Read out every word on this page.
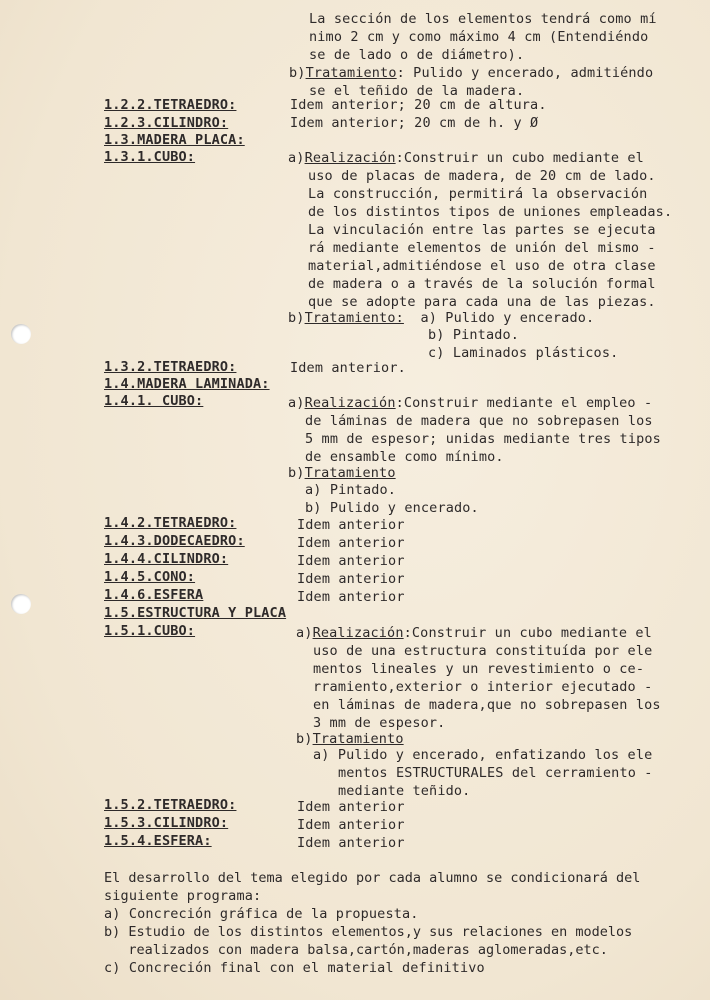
La sección de los elementos tendrá como mí
nimo 2 cm y como máximo 4 cm (Entendiéndo
se de lado o de diámetro).
b)Tratamiento: Pulido y encerado, admitiéndo
se el teñido de la madera.
1.2.2.TETRAEDRO:	Idem anterior; 20 cm de altura.
1.2.3.CILINDRO:	Idem anterior; 20 cm de h. y Ø
1.3.MADERA PLACA:
1.3.1.CUBO:	a)Realización:Construir un cubo mediante el
uso de placas de madera, de 20 cm de lado.
La construcción, permitirá la observación
de los distintos tipos de uniones empleadas.
La vinculación entre las partes se ejecuta
rá mediante elementos de unión del mismo -
material,admitiéndose el uso de otra clase
de madera o a través de la solución formal
que se adopte para cada una de las piezas.
b)Tratamiento:  a) Pulido y encerado.
b) Pintado.
c) Laminados plásticos.
1.3.2.TETRAEDRO:	Idem anterior.
1.4.MADERA LAMINADA:
1.4.1. CUBO:	a)Realización:Construir mediante el empleo -
de láminas de madera que no sobrepasen los
5 mm de espesor; unidas mediante tres tipos
de ensamble como mínimo.
b)Tratamiento
a) Pintado.
b) Pulido y encerado.
1.4.2.TETRAEDRO:	Idem anterior
1.4.3.DODECAEDRO:	Idem anterior
1.4.4.CILINDRO:	Idem anterior
1.4.5.CONO:	Idem anterior
1.4.6.ESFERA	Idem anterior
1.5.ESTRUCTURA Y PLACA
1.5.1.CUBO:	a)Realización:Construir un cubo mediante el
uso de una estructura constituída por ele
mentos lineales y un revestimiento o ce-
rramiento,exterior o interior ejecutado -
en láminas de madera,que no sobrepasen los
3 mm de espesor.
b)Tratamiento
a) Pulido y encerado, enfatizando los ele
mentos ESTRUCTURALES del cerramiento -
mediante teñido.
1.5.2.TETRAEDRO:	Idem anterior
1.5.3.CILINDRO:	Idem anterior
1.5.4.ESFERA:	Idem anterior
El desarrollo del tema elegido por cada alumno se condicionará del
siguiente programa:
a) Concreción gráfica de la propuesta.
b) Estudio de los distintos elementos,y sus relaciones en modelos
realizados con madera balsa,cartón,maderas aglomeradas,etc.
c) Concreción final con el material definitivo
